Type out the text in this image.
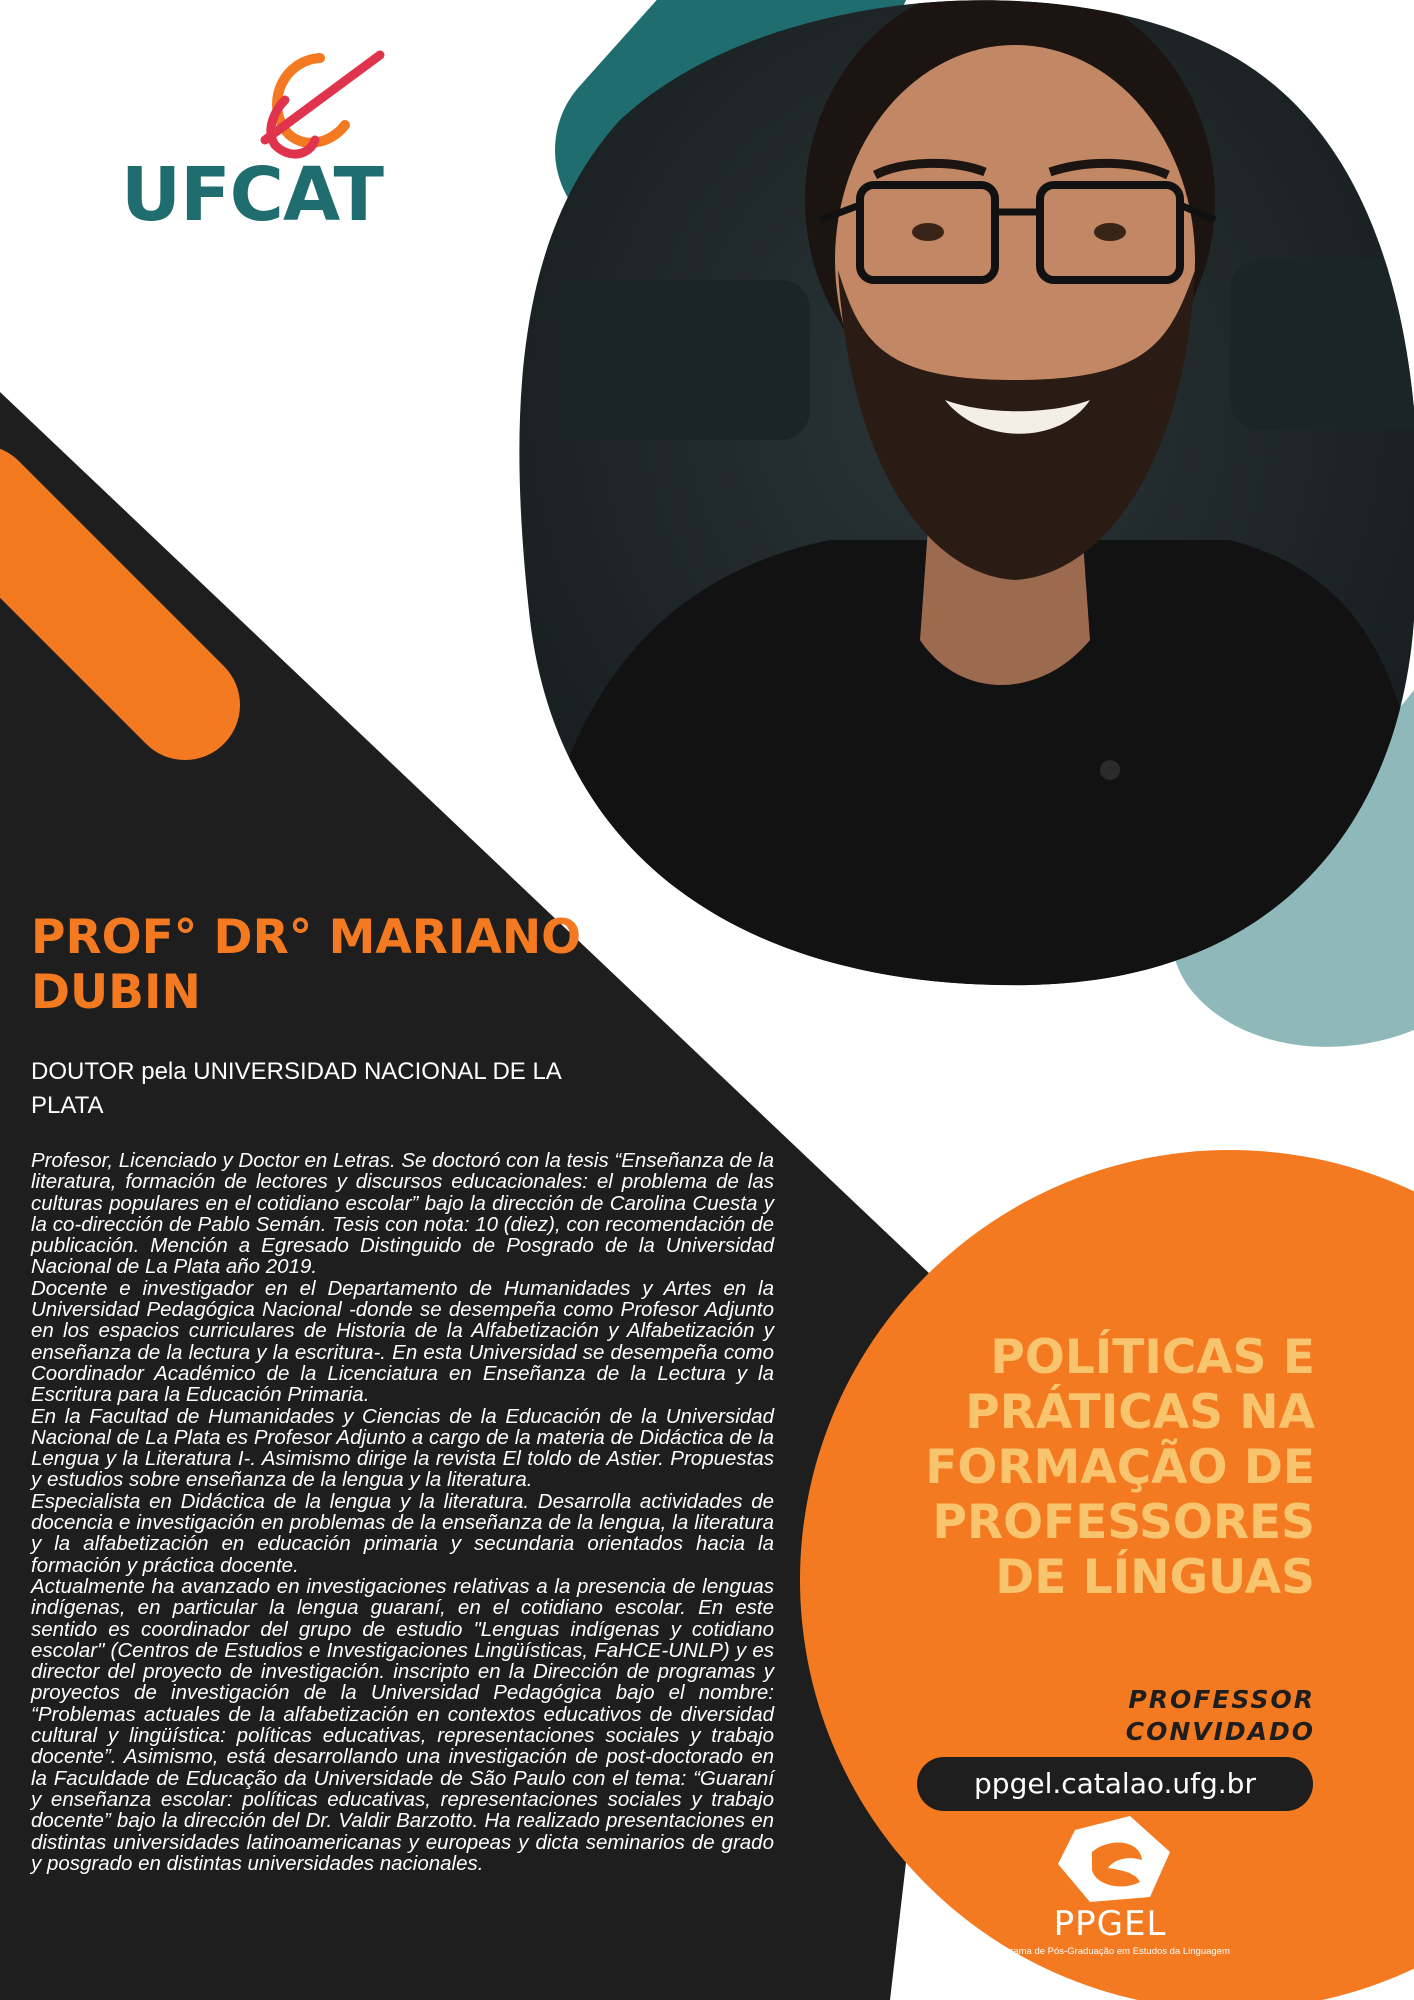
UFCAT
PROF° DR° MARIANO DUBIN
DOUTOR pela UNIVERSIDAD NACIONAL DE LA PLATA

Profesor, Licenciado y Doctor en Letras. Se doctoró con la tesis “Enseñanza de la literatura, formación de lectores y discursos educacionales: el problema de las culturas populares en el cotidiano escolar” bajo la dirección de Carolina Cuesta y la co-dirección de Pablo Semán. Tesis con nota: 10 (diez), con recomendación de publicación. Mención a Egresado Distinguido de Posgrado de la Universidad Nacional de La Plata año 2019.

Docente e investigador en el Departamento de Humanidades y Artes en la Universidad Pedagógica Nacional -donde se desempeña como Profesor Adjunto en los espacios curriculares de Historia de la Alfabetización y Alfabetización y enseñanza de la lectura y la escritura-. En esta Universidad se desempeña como Coordinador Académico de la Licenciatura en Enseñanza de la Lectura y la Escritura para la Educación Primaria.

En la Facultad de Humanidades y Ciencias de la Educación de la Universidad Nacional de La Plata es Profesor Adjunto a cargo de la materia de Didáctica de la Lengua y la Literatura I-. Asimismo dirige la revista El toldo de Astier. Propuestas y estudios sobre enseñanza de la lengua y la literatura.

Especialista en Didáctica de la lengua y la literatura. Desarrolla actividades de docencia e investigación en problemas de la enseñanza de la lengua, la literatura y la alfabetización en educación primaria y secundaria orientados hacia la formación y práctica docente.

Actualmente ha avanzado en investigaciones relativas a la presencia de lenguas indígenas, en particular la lengua guaraní, en el cotidiano escolar. En este sentido es coordinador del grupo de estudio "Lenguas indígenas y cotidiano escolar" (Centros de Estudios e Investigaciones Lingüísticas, FaHCE-UNLP) y es director del proyecto de investigación. inscripto en la Dirección de programas y proyectos de investigación de la Universidad Pedagógica bajo el nombre: “Problemas actuales de la alfabetización en contextos educativos de diversidad cultural y lingüística: políticas educativas, representaciones sociales y trabajo docente”. Asimismo, está desarrollando una investigación de post-doctorado en la Faculdade de Educação da Universidade de São Paulo con el tema: “Guaraní y enseñanza escolar: políticas educativas, representaciones sociales y trabajo docente” bajo la dirección del Dr. Valdir Barzotto. Ha realizado presentaciones en distintas universidades latinoamericanas y europeas y dicta seminarios de grado y posgrado en distintas universidades nacionales.

POLÍTICAS E PRÁTICAS NA FORMAÇÃO DE PROFESSORES DE LÍNGUAS
PROFESSOR CONVIDADO
ppgel.catalao.ufg.br
PPGEL
Programa de Pós-Graduação em Estudos da Linguagem
